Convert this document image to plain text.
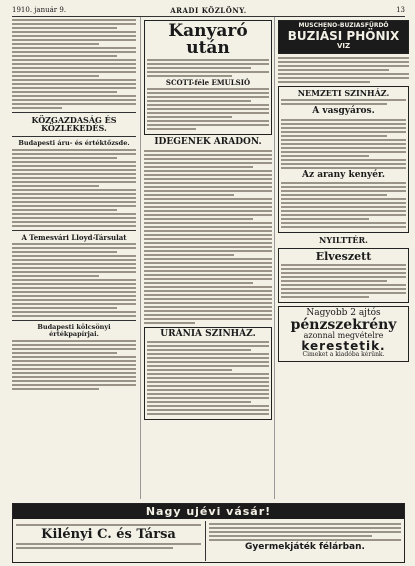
1910. január 9.	ARADI KÖZLÖNY.	13
KÖZGAZDASÁG ÉS KÖZLEKEDÉS.
Budapesti áru- és értéktőzsde.
A Temesvári Lloyd-Társulat
Budapesti kölcsönyi értékpapírjai.
Kanyaró után
SCOTT-féle EMULSIÓ
IDEGENEK ARADON.
URÁNIA SZINHÁZ.
MUSCHENO-BUZIASFÜRDŐ
BUZIÁSI PHÖNIX
VIZ
NEMZETI SZINHÁZ.
A vasgyáros.
Az arany kenyér.
NYILTTÉR.
Elveszett
Nagyobb 2 ajtós
pénzszekrény
azonnal megvételre
kerestetik.
Cimeket a kiadóba kérünk.
Nagy ujévi vásár!
Kilényi C. és Társa
Gyermekjáték félárban.
